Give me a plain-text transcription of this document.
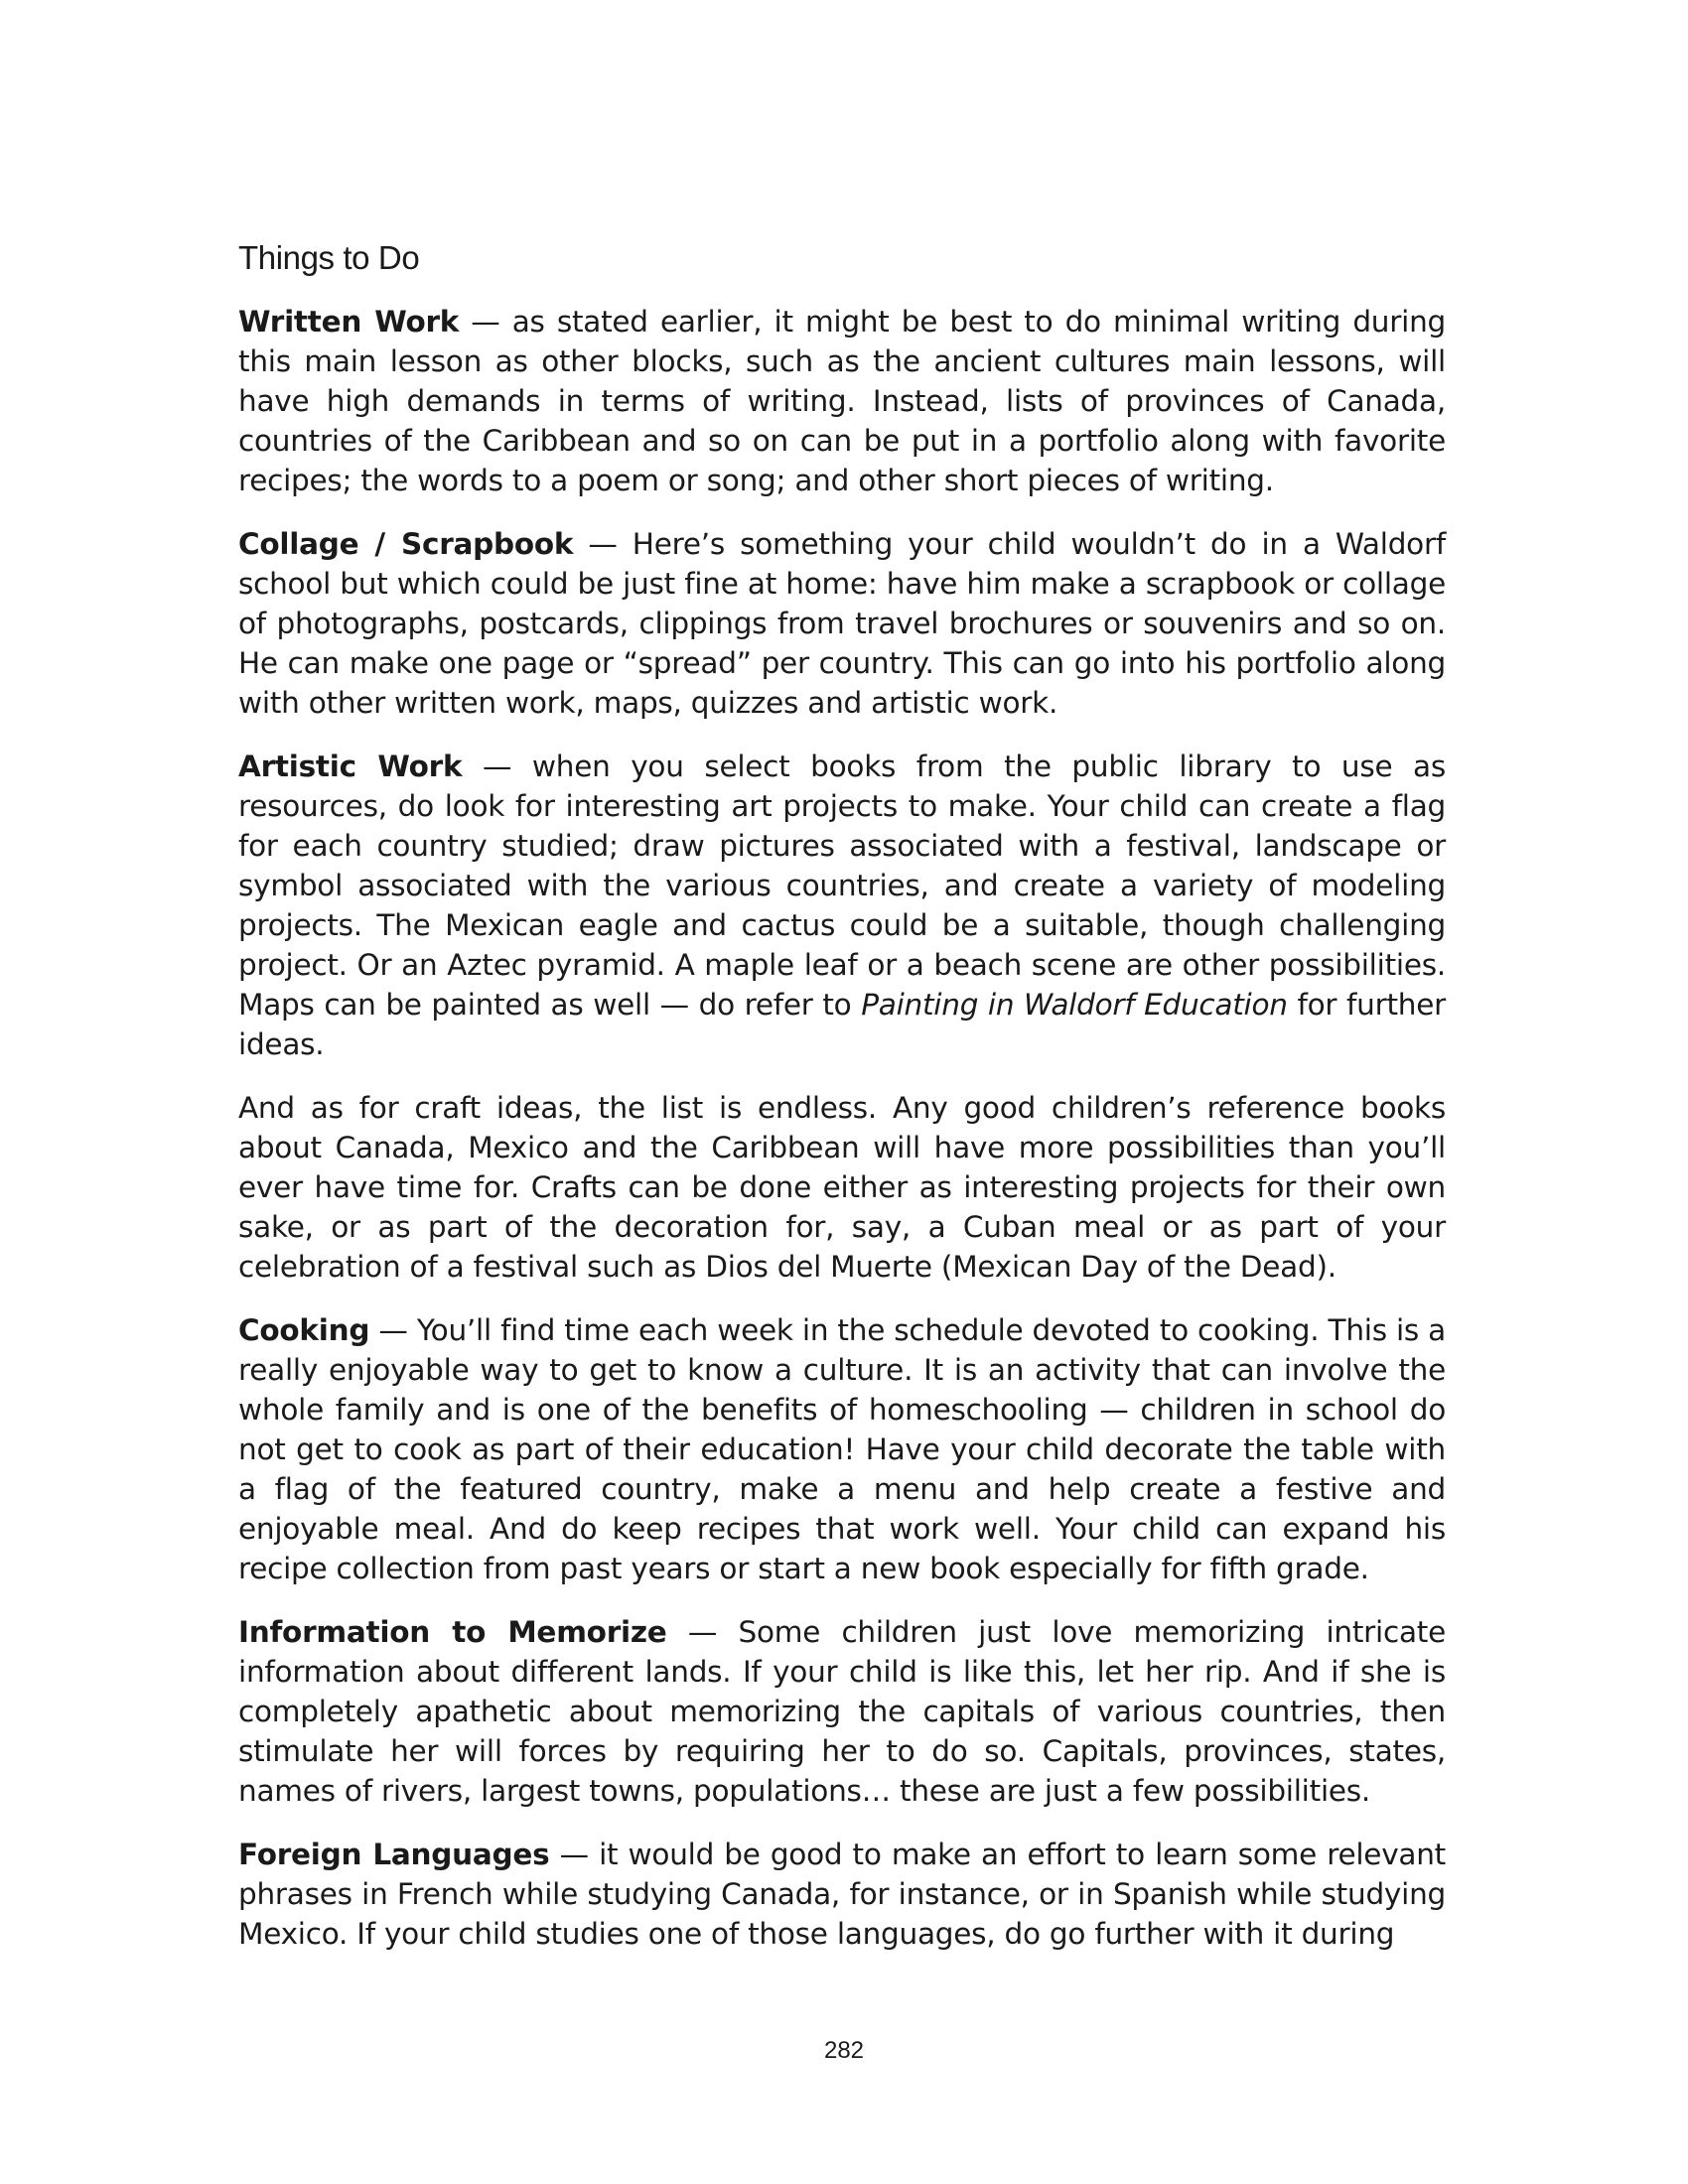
Things to Do

Written Work — as stated earlier, it might be best to do minimal writing during this main lesson as other blocks, such as the ancient cultures main lessons, will have high demands in terms of writing. Instead, lists of provinces of Canada, countries of the Caribbean and so on can be put in a portfolio along with favorite recipes; the words to a poem or song; and other short pieces of writing.

Collage / Scrapbook — Here’s something your child wouldn’t do in a Waldorf school but which could be just fine at home: have him make a scrapbook or collage of photographs, postcards, clippings from travel brochures or souvenirs and so on. He can make one page or “spread” per country. This can go into his portfolio along with other written work, maps, quizzes and artistic work.

Artistic Work — when you select books from the public library to use as resources, do look for interesting art projects to make. Your child can create a flag for each country studied; draw pictures associated with a festival, landscape or symbol associated with the various countries, and create a variety of modeling projects. The Mexican eagle and cactus could be a suitable, though challenging project. Or an Aztec pyramid. A maple leaf or a beach scene are other possibilities. Maps can be painted as well — do refer to Painting in Waldorf Education for further ideas.

And as for craft ideas, the list is endless. Any good children’s reference books about Canada, Mexico and the Caribbean will have more possibilities than you’ll ever have time for. Crafts can be done either as interesting projects for their own sake, or as part of the decoration for, say, a Cuban meal or as part of your celebration of a festival such as Dios del Muerte (Mexican Day of the Dead).

Cooking — You’ll find time each week in the schedule devoted to cooking. This is a really enjoyable way to get to know a culture. It is an activity that can involve the whole family and is one of the benefits of homeschooling — children in school do not get to cook as part of their education! Have your child decorate the table with a flag of the featured country, make a menu and help create a festive and enjoyable meal. And do keep recipes that work well. Your child can expand his recipe collection from past years or start a new book especially for fifth grade.

Information to Memorize — Some children just love memorizing intricate information about different lands. If your child is like this, let her rip. And if she is completely apathetic about memorizing the capitals of various countries, then stimulate her will forces by requiring her to do so. Capitals, provinces, states, names of rivers, largest towns, populations… these are just a few possibilities.

Foreign Languages — it would be good to make an effort to learn some relevant phrases in French while studying Canada, for instance, or in Spanish while studying Mexico. If your child studies one of those languages, do go further with it during

282
